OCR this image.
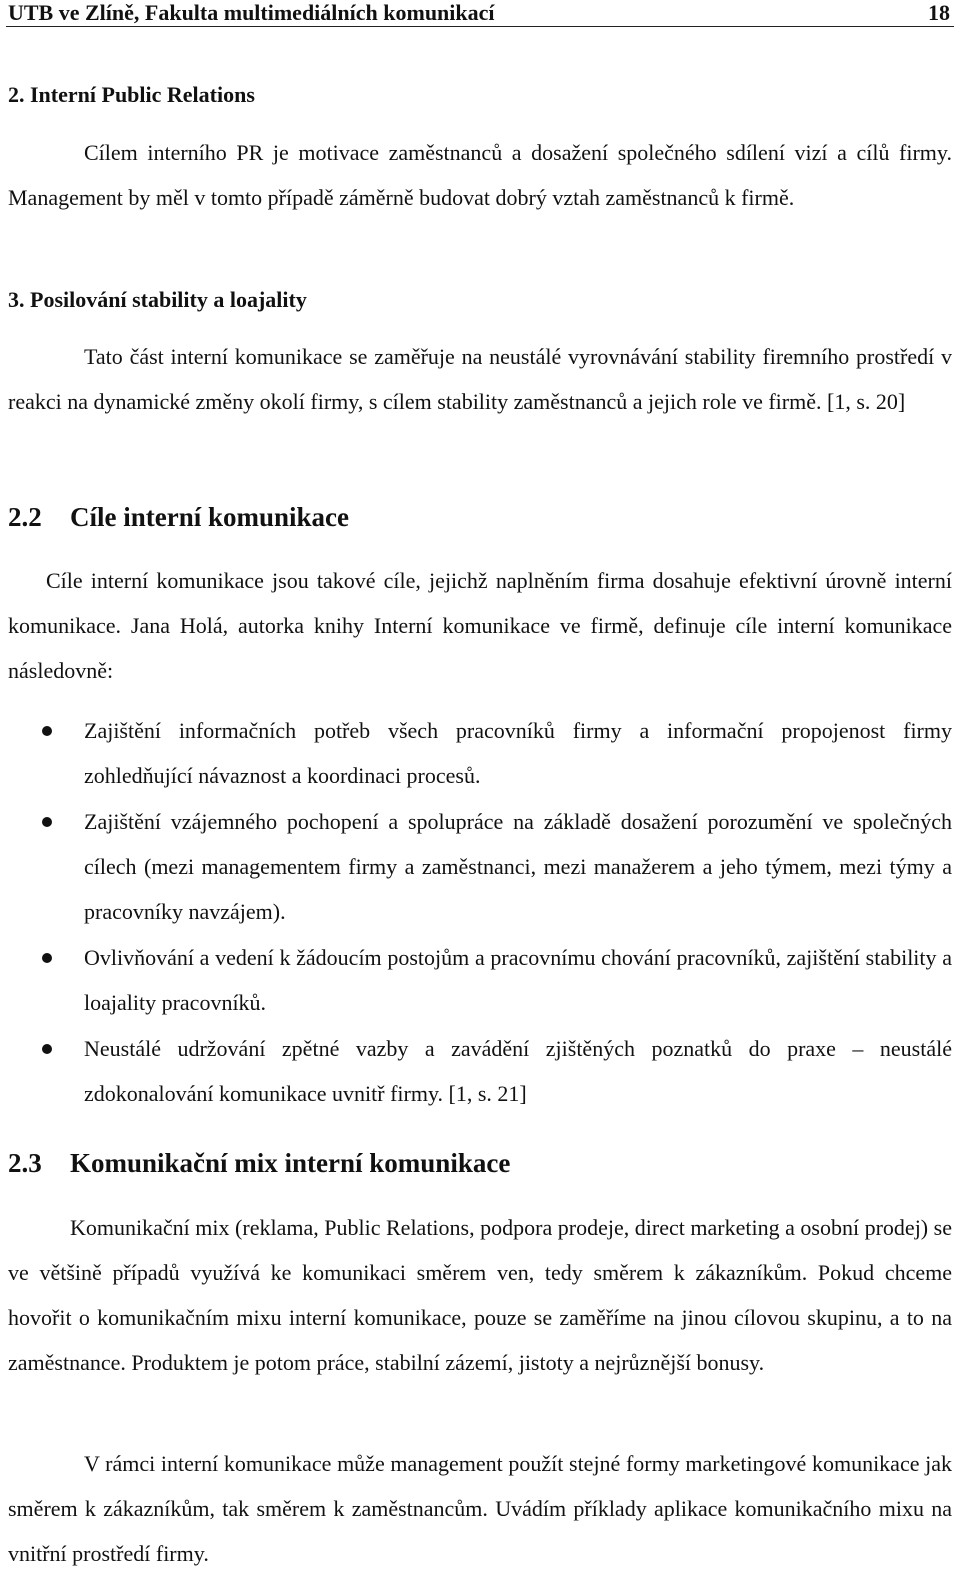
UTB ve Zlíně, Fakulta multimediálních komunikací	18
2. Interní Public Relations
Cílem interního PR je motivace zaměstnanců a dosažení společného sdílení vizí a cílů firmy. Management by měl v tomto případě záměrně budovat dobrý vztah zaměstnanců k firmě.
3. Posilování stability a loajality
Tato část interní komunikace se zaměřuje na neustálé vyrovnávání stability firemního prostředí v reakci na dynamické změny okolí firmy, s cílem stability zaměstnanců a jejich role ve firmě. [1, s. 20]
2.2 Cíle interní komunikace
Cíle interní komunikace jsou takové cíle, jejichž naplněním firma dosahuje efektivní úrovně interní komunikace. Jana Holá, autorka knihy Interní komunikace ve firmě, definuje cíle interní komunikace následovně:
Zajištění informačních potřeb všech pracovníků firmy a informační propojenost firmy zohledňující návaznost a koordinaci procesů.
Zajištění vzájemného pochopení a spolupráce na základě dosažení porozumění ve společných cílech (mezi managementem firmy a zaměstnanci, mezi manažerem a jeho týmem, mezi týmy a pracovníky navzájem).
Ovlivňování a vedení k žádoucím postojům a pracovnímu chování pracovníků, zajištění stability a loajality pracovníků.
Neustálé udržování zpětné vazby a zavádění zjištěných poznatků do praxe – neustálé zdokonalování komunikace uvnitř firmy. [1, s. 21]
2.3 Komunikační mix interní komunikace
Komunikační mix (reklama, Public Relations, podpora prodeje, direct marketing a osobní prodej) se ve většině případů využívá ke komunikaci směrem ven, tedy směrem k zákazníkům. Pokud chceme hovořit o komunikačním mixu interní komunikace, pouze se zaměříme na jinou cílovou skupinu, a to na zaměstnance. Produktem je potom práce, stabilní zázemí, jistoty a nejrůznější bonusy.
V rámci interní komunikace může management použít stejné formy marketingové komunikace jak směrem k zákazníkům, tak směrem k zaměstnancům. Uvádím příklady aplikace komunikačního mixu na vnitřní prostředí firmy.
